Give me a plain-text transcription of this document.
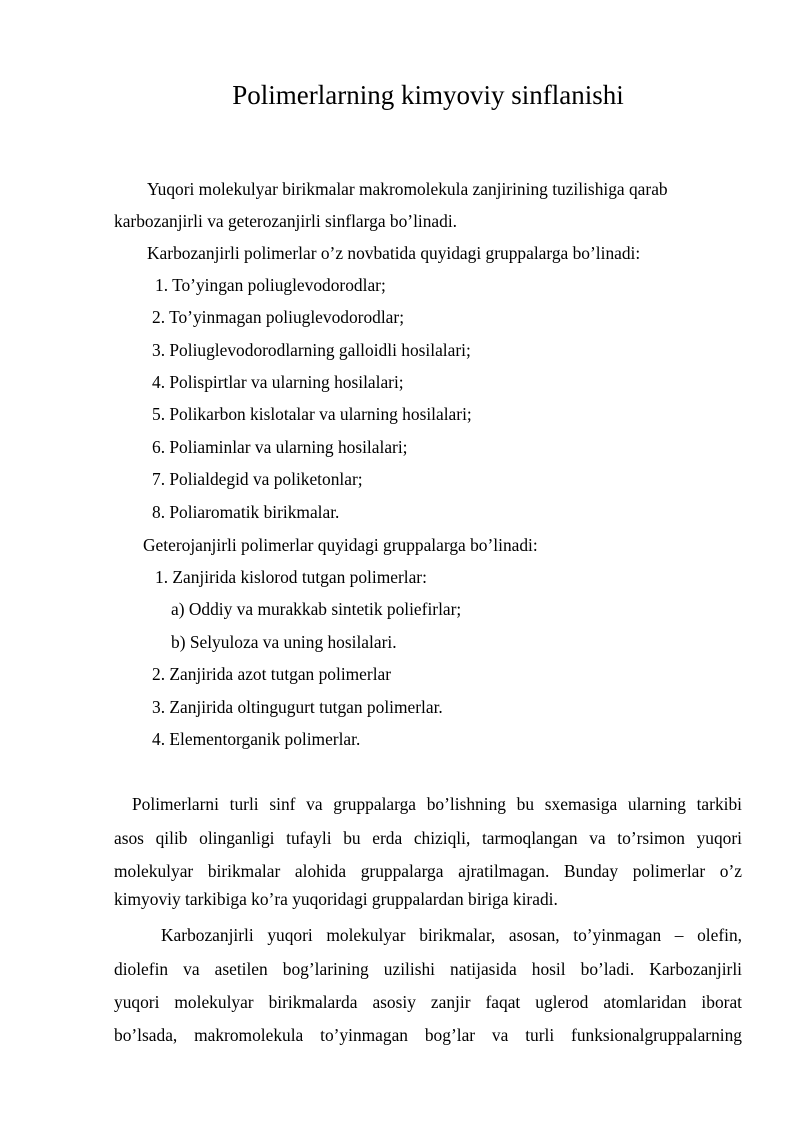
Polimerlarning kimyoviy sinflanishi
Yuqori molekulyar birikmalar makromolekula zanjirining tuzilishiga qarab
karbozanjirli va geterozanjirli sinflarga bo’linadi.
Karbozanjirli polimerlar o’z novbatida quyidagi gruppalarga bo’linadi:
1. To’yingan poliuglevodorodlar;
2. To’yinmagan poliuglevodorodlar;
3. Poliuglevodorodlarning galloidli hosilalari;
4. Polispirtlar va ularning hosilalari;
5. Polikarbon kislotalar va ularning hosilalari;
6. Poliaminlar va ularning hosilalari;
7. Polialdegid va poliketonlar;
8. Poliaromatik birikmalar.
Geterojanjirli polimerlar quyidagi gruppalarga bo’linadi:
1. Zanjirida kislorod tutgan polimerlar:
a) Oddiy va murakkab sintetik poliefirlar;
b) Selyuloza va uning hosilalari.
2. Zanjirida azot tutgan polimerlar
3. Zanjirida oltingugurt tutgan polimerlar.
4. Elementorganik polimerlar.
Polimerlarni turli sinf va gruppalarga bo’lishning bu sxemasiga ularning tarkibi
asos qilib olinganligi tufayli bu erda chiziqli, tarmoqlangan va to’rsimon yuqori
molekulyar birikmalar alohida gruppalarga ajratilmagan. Bunday polimerlar o’z
kimyoviy tarkibiga ko’ra yuqoridagi gruppalardan biriga kiradi.
Karbozanjirli yuqori molekulyar birikmalar, asosan, to’yinmagan – olefin,
diolefin va asetilen bog’larining uzilishi natijasida hosil bo’ladi. Karbozanjirli
yuqori molekulyar birikmalarda asosiy zanjir faqat uglerod atomlaridan iborat
bo’lsada, makromolekula to’yinmagan bog’lar va turli funksionalgruppalarning
